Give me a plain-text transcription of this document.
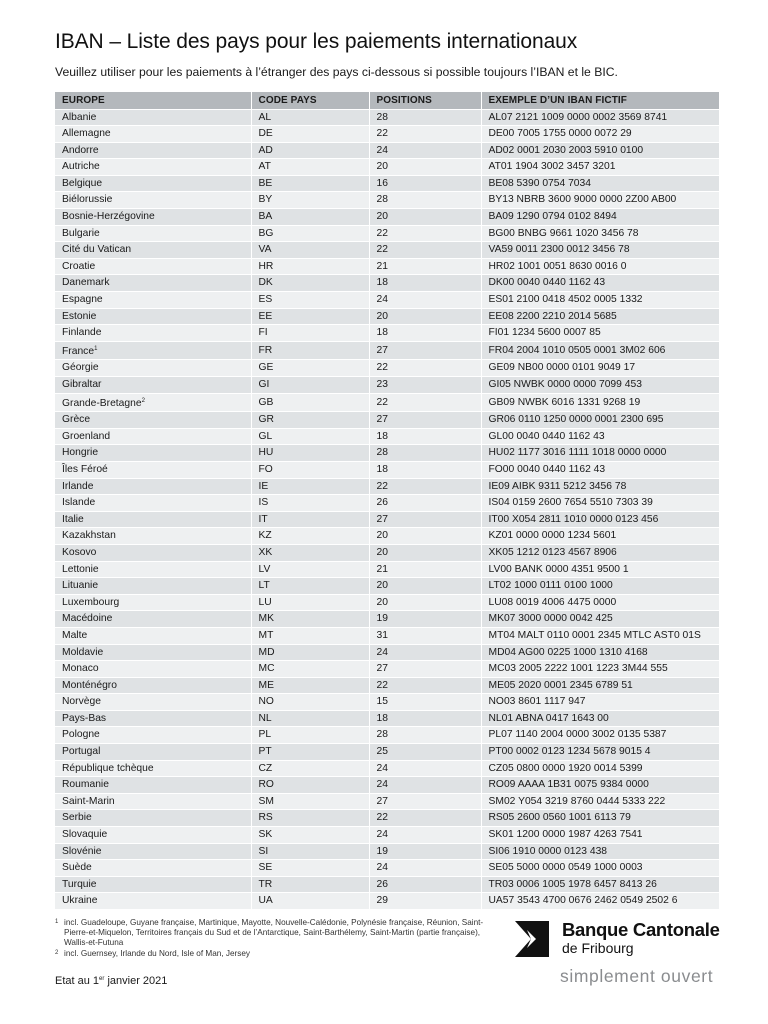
IBAN – Liste des pays pour les paiements internationaux
Veuillez utiliser pour les paiements à l’étranger des pays ci-dessous si possible toujours l’IBAN et le BIC.
EUROPE	CODE PAYS	POSITIONS	EXEMPLE D’UN IBAN FICTIF
Albanie	AL	28	AL07 2121 1009 0000 0002 3569 8741
Allemagne	DE	22	DE00 7005 1755 0000 0072 29
Andorre	AD	24	AD02 0001 2030 2003 5910 0100
Autriche	AT	20	AT01 1904 3002 3457 3201
Belgique	BE	16	BE08 5390 0754 7034
Biélorussie	BY	28	BY13 NBRB 3600 9000 0000 2Z00 AB00
Bosnie-Herzégovine	BA	20	BA09 1290 0794 0102 8494
Bulgarie	BG	22	BG00 BNBG 9661 1020 3456 78
Cité du Vatican	VA	22	VA59 0011 2300 0012 3456 78
Croatie	HR	21	HR02 1001 0051 8630 0016 0
Danemark	DK	18	DK00 0040 0440 1162 43
Espagne	ES	24	ES01 2100 0418 4502 0005 1332
Estonie	EE	20	EE08 2200 2210 2014 5685
Finlande	FI	18	FI01 1234 5600 0007 85
France$^1$	FR	27	FR04 2004 1010 0505 0001 3M02 606
Géorgie	GE	22	GE09 NB00 0000 0101 9049 17
Gibraltar	GI	23	GI05 NWBK 0000 0000 7099 453
Grande-Bretagne$^2$	GB	22	GB09 NWBK 6016 1331 9268 19
Grèce	GR	27	GR06 0110 1250 0000 0001 2300 695
Groenland	GL	18	GL00 0040 0440 1162 43
Hongrie	HU	28	HU02 1177 3016 1111 1018 0000 0000
Îles Féroé	FO	18	FO00 0040 0440 1162 43
Irlande	IE	22	IE09 AIBK 9311 5212 3456 78
Islande	IS	26	IS04 0159 2600 7654 5510 7303 39
Italie	IT	27	IT00 X054 2811 1010 0000 0123 456
Kazakhstan	KZ	20	KZ01 0000 0000 1234 5601
Kosovo	XK	20	XK05 1212 0123 4567 8906
Lettonie	LV	21	LV00 BANK 0000 4351 9500 1
Lituanie	LT	20	LT02 1000 0111 0100 1000
Luxembourg	LU	20	LU08 0019 4006 4475 0000
Macédoine	MK	19	MK07 3000 0000 0042 425
Malte	MT	31	MT04 MALT 0110 0001 2345 MTLC AST0 01S
Moldavie	MD	24	MD04 AG00 0225 1000 1310 4168
Monaco	MC	27	MC03 2005 2222 1001 1223 3M44 555
Monténégro	ME	22	ME05 2020 0001 2345 6789 51
Norvège	NO	15	NO03 8601 1117 947
Pays-Bas	NL	18	NL01 ABNA 0417 1643 00
Pologne	PL	28	PL07 1140 2004 0000 3002 0135 5387
Portugal	PT	25	PT00 0002 0123 1234 5678 9015 4
République tchèque	CZ	24	CZ05 0800 0000 1920 0014 5399
Roumanie	RO	24	RO09 AAAA 1B31 0075 9384 0000
Saint-Marin	SM	27	SM02 Y054 3219 8760 0444 5333 222
Serbie	RS	22	RS05 2600 0560 1001 6113 79
Slovaquie	SK	24	SK01 1200 0000 1987 4263 7541
Slovénie	SI	19	SI06 1910 0000 0123 438
Suède	SE	24	SE05 5000 0000 0549 1000 0003
Turquie	TR	26	TR03 0006 1005 1978 6457 8413 26
Ukraine	UA	29	UA57 3543 4700 0676 2462 0549 2502 6
1 incl. Guadeloupe, Guyane française, Martinique, Mayotte, Nouvelle-Calédonie, Polynésie française, Réunion, Saint-Pierre-et-Miquelon, Territoires français du Sud et de l’Antarctique, Saint-Barthélemy, Saint-Martin (partie française), Wallis-et-Futuna
2 incl. Guernsey, Irlande du Nord, Isle of Man, Jersey
Etat au 1er janvier 2021
Banque Cantonale
de Fribourg
simplement ouvert
